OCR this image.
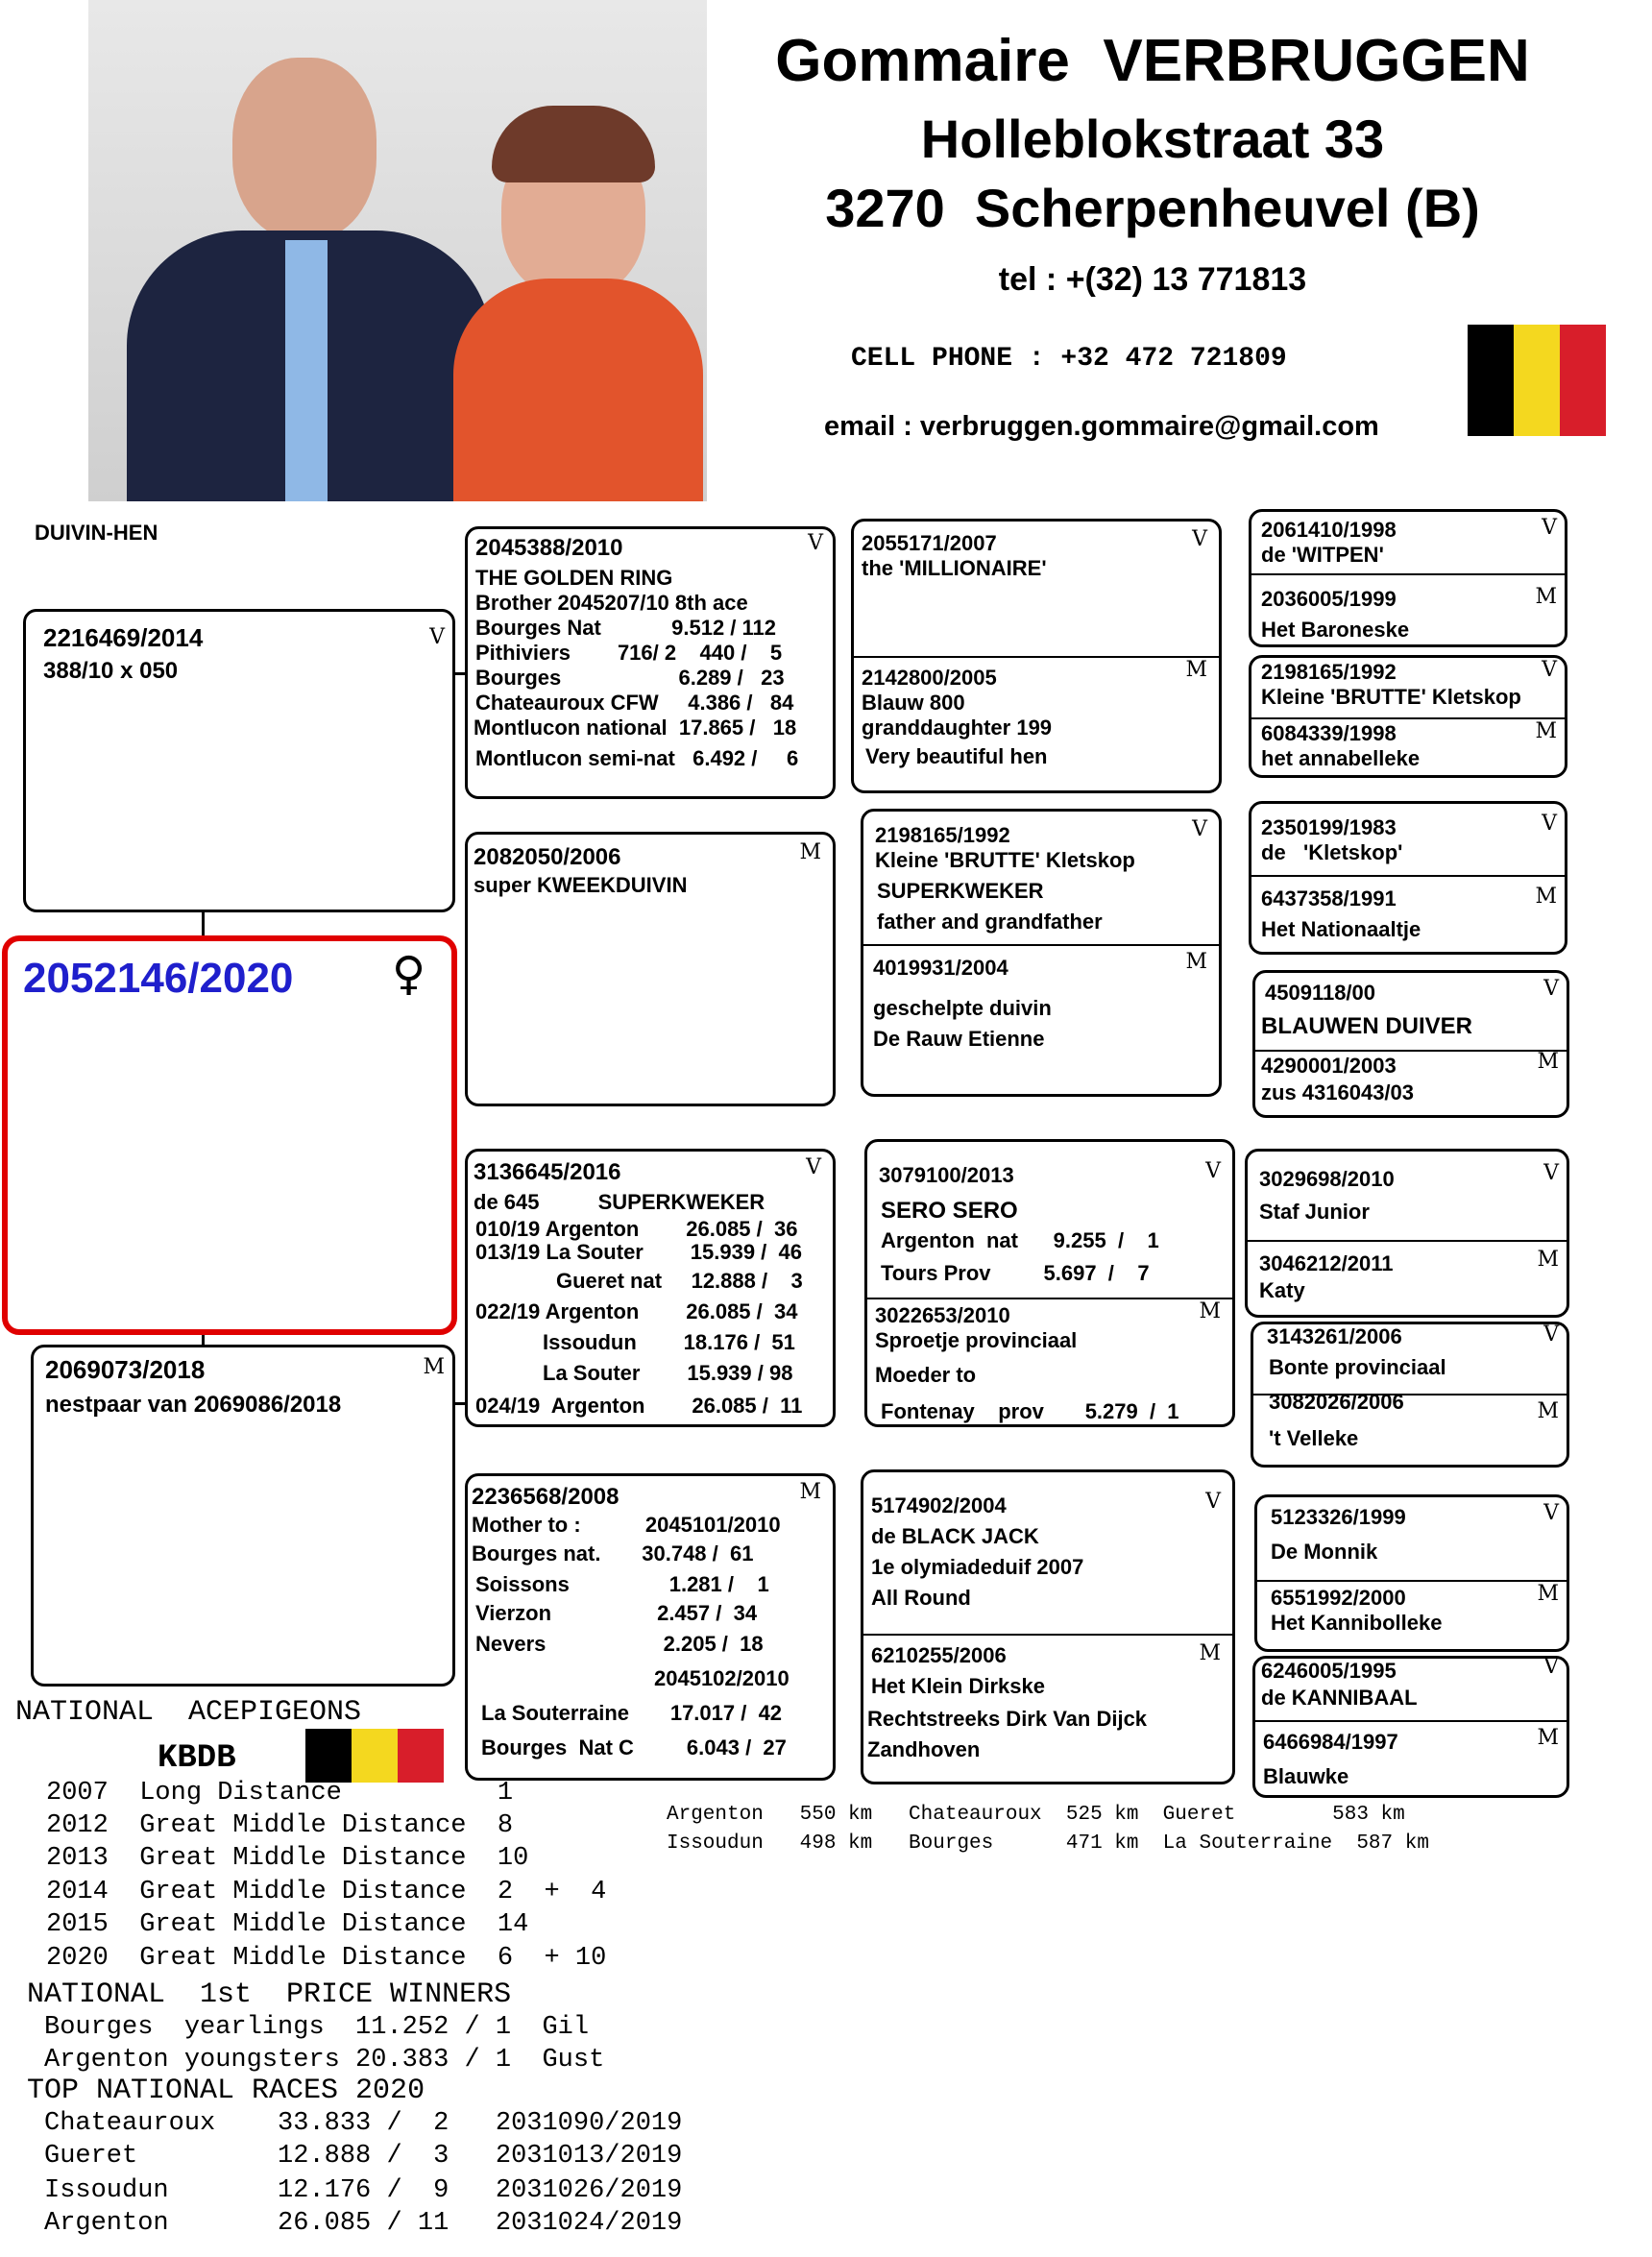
Gommaire  VERBRUGGEN
Holleblokstraat 33
3270  Scherpenheuvel (B)
tel : +(32) 13 771813
CELL PHONE : +32 472 721809
email : verbruggen.gommaire@gmail.com
DUIVIN-HEN
2216469/2014	V
388/10 x 050
2052146/2020 ♀
2069073/2018	M
nestpaar van 2069086/2018
2045388/2010	V
THE GOLDEN RING
Brother 2045207/10 8th ace
Bourges Nat            9.512 / 112
Pithiviers        716/ 2    440 /    5
Bourges                    6.289 /   23
Chateauroux CFW     4.386 /   84
Montlucon national  17.865 /   18
Montlucon semi-nat   6.492 /     6
2082050/2006	M
super KWEEKDUIVIN
3136645/2016	V
de 645          SUPERKWEKER
010/19 Argenton        26.085 /  36
013/19 La Souter        15.939 /  46
Gueret nat     12.888 /    3
022/19 Argenton        26.085 /  34
Issoudun        18.176 /  51
La Souter        15.939 / 98
024/19  Argenton        26.085 /  11
2236568/2008	M
Mother to :           2045101/2010
Bourges nat.       30.748 /  61
Soissons                 1.281 /    1
Vierzon                  2.457 /  34
Nevers                    2.205 /  18
2045102/2010
La Souterraine       17.017 /  42
Bourges  Nat C         6.043 /  27
2055171/2007	V
the 'MILLIONAIRE'
2142800/2005	M
Blauw 800
granddaughter 199
Very beautiful hen
2198165/1992	V
Kleine 'BRUTTE' Kletskop
SUPERKWEKER
father and grandfather
4019931/2004	M
geschelpte duivin
De Rauw Etienne
3079100/2013	V
SERO SERO
Argenton  nat      9.255  /    1
Tours Prov         5.697  /    7
3022653/2010	M
Sproetje provinciaal
Moeder to
Fontenay    prov       5.279  /  1
5174902/2004	V
de BLACK JACK
1e olymiadeduif 2007
All Round
6210255/2006	M
Het Klein Dirkske
Rechtstreeks Dirk Van Dijck
Zandhoven
2061410/1998	V
de 'WITPEN'
2036005/1999	M
Het Baroneske
2198165/1992	V
Kleine 'BRUTTE' Kletskop
6084339/1998	M
het annabelleke
2350199/1983	V
de   'Kletskop'
6437358/1991	M
Het Nationaaltje
4509118/00	V
BLAUWEN DUIVER
4290001/2003	M
zus 4316043/03
3029698/2010	V
Staf Junior
3046212/2011	M
Katy
3143261/2006	V
Bonte provinciaal
3082026/2006	M
't Velleke
5123326/1999	V
De Monnik
6551992/2000	M
Het Kannibolleke
6246005/1995	V
de KANNIBAAL
6466984/1997	M
Blauwke
Argenton   550 km   Chateauroux  525 km  Gueret        583 km
Issoudun   498 km   Bourges      471 km  La Souterraine  587 km
NATIONAL  ACEPIGEONS
KBDB
2007  Long Distance          1
2012  Great Middle Distance  8
2013  Great Middle Distance  10
2014  Great Middle Distance  2  +  4
2015  Great Middle Distance  14
2020  Great Middle Distance  6  + 10
NATIONAL  1st  PRICE WINNERS
Bourges  yearlings  11.252 / 1  Gil
Argenton youngsters 20.383 / 1  Gust
TOP NATIONAL RACES 2020
Chateauroux    33.833 /  2   2031090/2019
Gueret         12.888 /  3   2031013/2019
Issoudun       12.176 /  9   2031026/2019
Argenton       26.085 / 11   2031024/2019
